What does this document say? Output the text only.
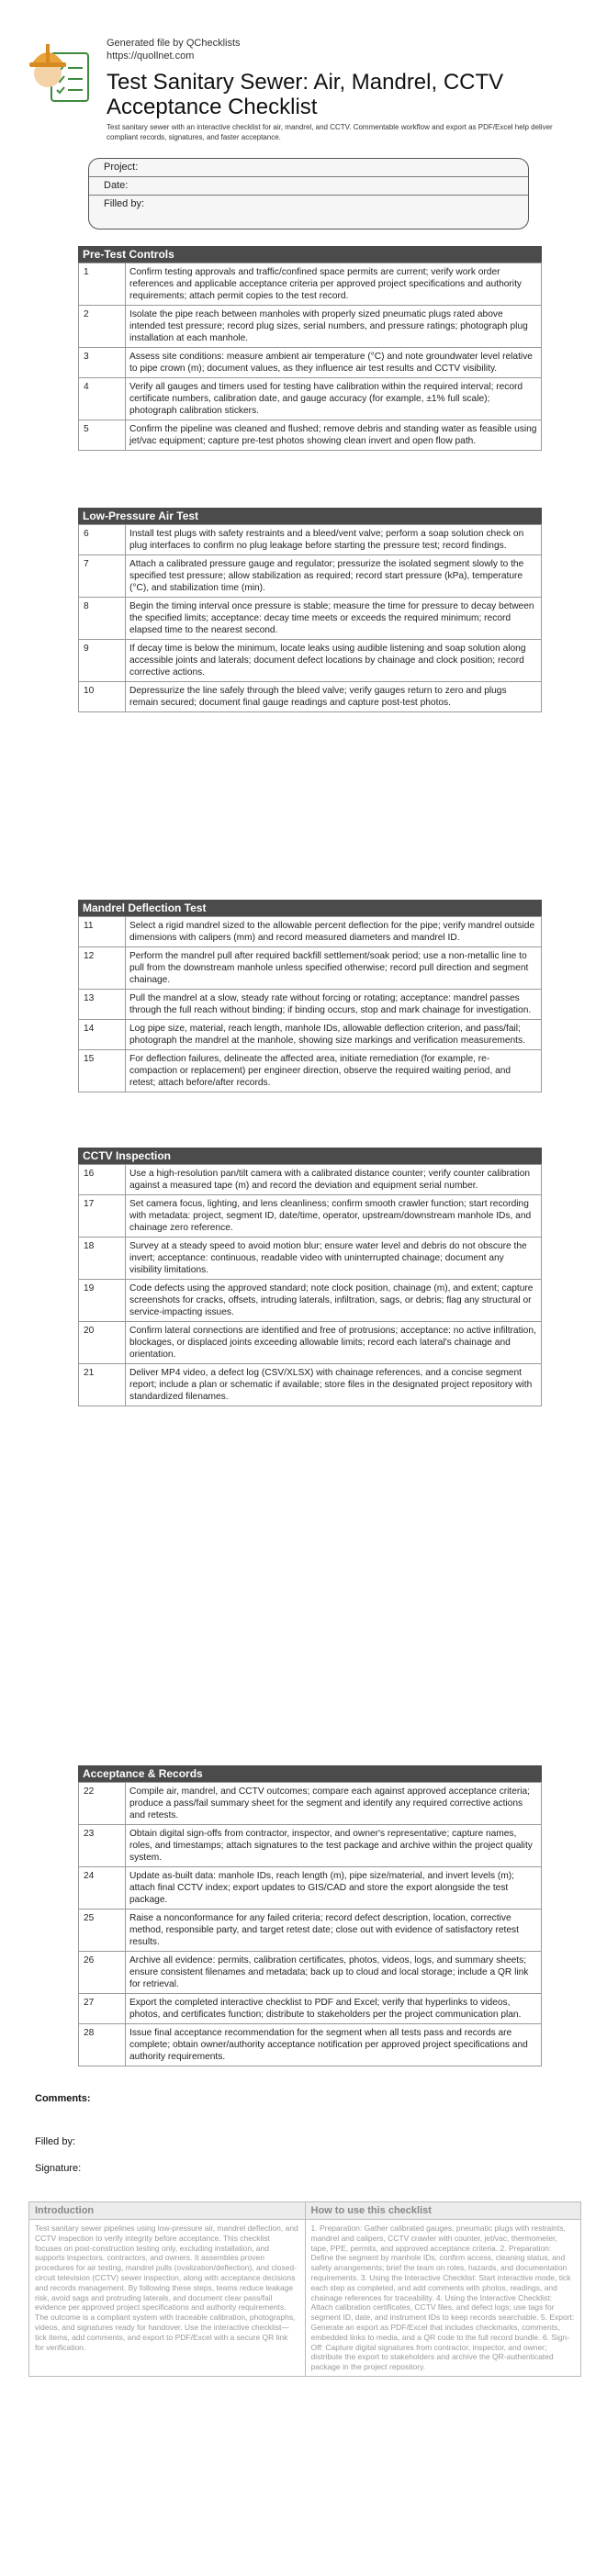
Generated file by QChecklists
https://quollnet.com
Test Sanitary Sewer: Air, Mandrel, CCTV Acceptance Checklist
Test sanitary sewer with an interactive checklist for air, mandrel, and CCTV. Commentable workflow and export as PDF/Excel help deliver compliant records, signatures, and faster acceptance.
Project:
Date:
Filled by:
Pre-Test Controls
1	Confirm testing approvals and traffic/confined space permits are current; verify work order references and applicable acceptance criteria per approved project specifications and authority requirements; attach permit copies to the test record.
2	Isolate the pipe reach between manholes with properly sized pneumatic plugs rated above intended test pressure; record plug sizes, serial numbers, and pressure ratings; photograph plug installation at each manhole.
3	Assess site conditions: measure ambient air temperature (°C) and note groundwater level relative to pipe crown (m); document values, as they influence air test results and CCTV visibility.
4	Verify all gauges and timers used for testing have calibration within the required interval; record certificate numbers, calibration date, and gauge accuracy (for example, ±1% full scale); photograph calibration stickers.
5	Confirm the pipeline was cleaned and flushed; remove debris and standing water as feasible using jet/vac equipment; capture pre-test photos showing clean invert and open flow path.
Low-Pressure Air Test
6	Install test plugs with safety restraints and a bleed/vent valve; perform a soap solution check on plug interfaces to confirm no plug leakage before starting the pressure test; record findings.
7	Attach a calibrated pressure gauge and regulator; pressurize the isolated segment slowly to the specified test pressure; allow stabilization as required; record start pressure (kPa), temperature (°C), and stabilization time (min).
8	Begin the timing interval once pressure is stable; measure the time for pressure to decay between the specified limits; acceptance: decay time meets or exceeds the required minimum; record elapsed time to the nearest second.
9	If decay time is below the minimum, locate leaks using audible listening and soap solution along accessible joints and laterals; document defect locations by chainage and clock position; record corrective actions.
10	Depressurize the line safely through the bleed valve; verify gauges return to zero and plugs remain secured; document final gauge readings and capture post-test photos.
Mandrel Deflection Test
11	Select a rigid mandrel sized to the allowable percent deflection for the pipe; verify mandrel outside dimensions with calipers (mm) and record measured diameters and mandrel ID.
12	Perform the mandrel pull after required backfill settlement/soak period; use a non-metallic line to pull from the downstream manhole unless specified otherwise; record pull direction and segment chainage.
13	Pull the mandrel at a slow, steady rate without forcing or rotating; acceptance: mandrel passes through the full reach without binding; if binding occurs, stop and mark chainage for investigation.
14	Log pipe size, material, reach length, manhole IDs, allowable deflection criterion, and pass/fail; photograph the mandrel at the manhole, showing size markings and verification measurements.
15	For deflection failures, delineate the affected area, initiate remediation (for example, re-compaction or replacement) per engineer direction, observe the required waiting period, and retest; attach before/after records.
CCTV Inspection
16	Use a high-resolution pan/tilt camera with a calibrated distance counter; verify counter calibration against a measured tape (m) and record the deviation and equipment serial number.
17	Set camera focus, lighting, and lens cleanliness; confirm smooth crawler function; start recording with metadata: project, segment ID, date/time, operator, upstream/downstream manhole IDs, and chainage zero reference.
18	Survey at a steady speed to avoid motion blur; ensure water level and debris do not obscure the invert; acceptance: continuous, readable video with uninterrupted chainage; document any visibility limitations.
19	Code defects using the approved standard; note clock position, chainage (m), and extent; capture screenshots for cracks, offsets, intruding laterals, infiltration, sags, or debris; flag any structural or service-impacting issues.
20	Confirm lateral connections are identified and free of protrusions; acceptance: no active infiltration, blockages, or displaced joints exceeding allowable limits; record each lateral's chainage and orientation.
21	Deliver MP4 video, a defect log (CSV/XLSX) with chainage references, and a concise segment report; include a plan or schematic if available; store files in the designated project repository with standardized filenames.
Acceptance & Records
22	Compile air, mandrel, and CCTV outcomes; compare each against approved acceptance criteria; produce a pass/fail summary sheet for the segment and identify any required corrective actions and retests.
23	Obtain digital sign-offs from contractor, inspector, and owner's representative; capture names, roles, and timestamps; attach signatures to the test package and archive within the project quality system.
24	Update as-built data: manhole IDs, reach length (m), pipe size/material, and invert levels (m); attach final CCTV index; export updates to GIS/CAD and store the export alongside the test package.
25	Raise a nonconformance for any failed criteria; record defect description, location, corrective method, responsible party, and target retest date; close out with evidence of satisfactory retest results.
26	Archive all evidence: permits, calibration certificates, photos, videos, logs, and summary sheets; ensure consistent filenames and metadata; back up to cloud and local storage; include a QR link for retrieval.
27	Export the completed interactive checklist to PDF and Excel; verify that hyperlinks to videos, photos, and certificates function; distribute to stakeholders per the project communication plan.
28	Issue final acceptance recommendation for the segment when all tests pass and records are complete; obtain owner/authority acceptance notification per approved project specifications and authority requirements.
Comments:
Filled by:
Signature:
Introduction	How to use this checklist
Test sanitary sewer pipelines using low-pressure air, mandrel deflection, and CCTV inspection to verify integrity before acceptance. This checklist focuses on post-construction testing only, excluding installation, and supports inspectors, contractors, and owners. It assembles proven procedures for air testing, mandrel pulls (ovalization/deflection), and closed-circuit television (CCTV) sewer inspection, along with acceptance decisions and records management. By following these steps, teams reduce leakage risk, avoid sags and protruding laterals, and document clear pass/fail evidence per approved project specifications and authority requirements. The outcome is a compliant system with traceable calibration, photographs, videos, and signatures ready for handover. Use the interactive checklist—tick items, add comments, and export to PDF/Excel with a secure QR link for verification.
1. Preparation: Gather calibrated gauges, pneumatic plugs with restraints, mandrel and calipers, CCTV crawler with counter, jet/vac, thermometer, tape, PPE, permits, and approved acceptance criteria. 2. Preparation: Define the segment by manhole IDs, confirm access, cleaning status, and safety arrangements; brief the team on roles, hazards, and documentation requirements. 3. Using the Interactive Checklist: Start interactive mode, tick each step as completed, and add comments with photos, readings, and chainage references for traceability. 4. Using the Interactive Checklist: Attach calibration certificates, CCTV files, and defect logs; use tags for segment ID, date, and instrument IDs to keep records searchable. 5. Export: Generate an export as PDF/Excel that includes checkmarks, comments, embedded links to media, and a QR code to the full record bundle. 6. Sign-Off: Capture digital signatures from contractor, inspector, and owner; distribute the export to stakeholders and archive the QR-authenticated package in the project repository.
